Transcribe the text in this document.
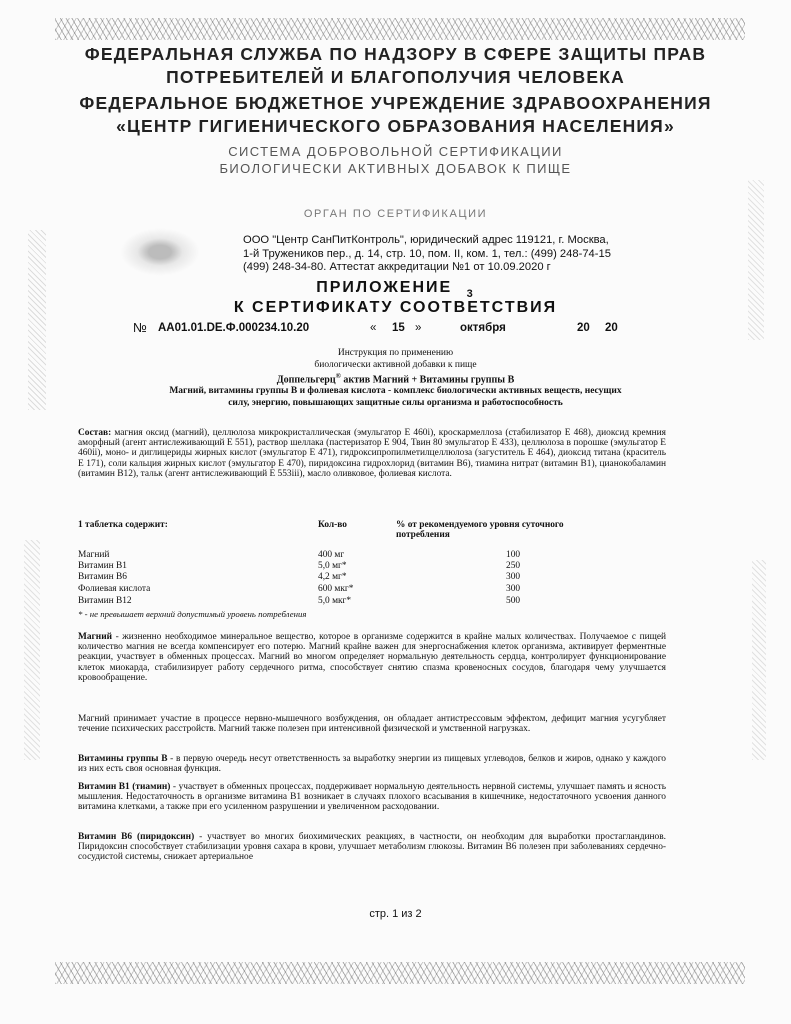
ФЕДЕРАЛЬНАЯ СЛУЖБА ПО НАДЗОРУ В СФЕРЕ ЗАЩИТЫ ПРАВ
ПОТРЕБИТЕЛЕЙ И БЛАГОПОЛУЧИЯ ЧЕЛОВЕКА
ФЕДЕРАЛЬНОЕ БЮДЖЕТНОЕ УЧРЕЖДЕНИЕ ЗДРАВООХРАНЕНИЯ
«ЦЕНТР ГИГИЕНИЧЕСКОГО ОБРАЗОВАНИЯ НАСЕЛЕНИЯ»
СИСТЕМА ДОБРОВОЛЬНОЙ СЕРТИФИКАЦИИ
БИОЛОГИЧЕСКИ АКТИВНЫХ ДОБАВОК К ПИЩЕ
ОРГАН ПО СЕРТИФИКАЦИИ
ООО "Центр СанПитКонтроль", юридический адрес 119121, г. Москва,
1-й Тружеников пер., д. 14, стр. 10, пом. II, ком. 1, тел.: (499) 248-74-15
(499) 248-34-80. Аттестат аккредитации №1 от 10.09.2020 г
ПРИЛОЖЕНИЕ $_3$
К СЕРТИФИКАТУ СООТВЕТСТВИЯ
№ АА01.01.DE.Ф.000234.10.20	« 15 »	октября	20 20
Инструкция по применению
биологически активной добавки к пище
Доппельгерц® актив Магний + Витамины группы В
Магний, витамины группы В и фолиевая кислота - комплекс биологически активных веществ, несущих
силу, энергию, повышающих защитные силы организма и работоспособность
Состав: магния оксид (магний), целлюлоза микрокристаллическая (эмульгатор Е 460i), кроскармеллоза (стабилизатор Е 468), диоксид кремния аморфный (агент антислеживающий Е 551), раствор шеллака (пастеризатор Е 904, Твин 80 эмульгатор Е 433), целлюлоза в порошке (эмульгатор Е 460ii), моно- и диглицериды жирных кислот (эмульгатор Е 471), гидроксипропилметилцеллюлоза (загуститель Е 464), диоксид титана (краситель Е 171), соли кальция жирных кислот (эмульгатор Е 470), пиридоксина гидрохлорид (витамин В6), тиамина нитрат (витамин В1), цианокобаламин (витамин В12), тальк (агент антислеживающий Е 553iii), масло оливковое, фолиевая кислота.
1 таблетка содержит:	Кол-во	% от рекомендуемого уровня суточного
потребления
Магний	400 мг	100
Витамин В1	5,0 мг*	250
Витамин В6	4,2 мг*	300
Фолиевая кислота	600 мкг*	300
Витамин В12	5,0 мкг*	500
* - не превышает верхний допустимый уровень потребления
Магний - жизненно необходимое минеральное вещество, которое в организме содержится в крайне малых количествах. Получаемое с пищей количество магния не всегда компенсирует его потерю. Магний крайне важен для энергоснабжения клеток организма, активирует ферментные реакции, участвует в обменных процессах. Магний во многом определяет нормальную деятельность сердца, контролирует функционирование клеток миокарда, стабилизирует работу сердечного ритма, способствует снятию спазма кровеносных сосудов, благодаря чему улучшается кровообращение.
Магний принимает участие в процессе нервно-мышечного возбуждения, он обладает антистрессовым эффектом, дефицит магния усугубляет течение психических расстройств. Магний также полезен при интенсивной физической и умственной нагрузках.
Витамины группы В - в первую очередь несут ответственность за выработку энергии из пищевых углеводов, белков и жиров, однако у каждого из них есть своя основная функция.
Витамин В1 (тиамин) - участвует в обменных процессах, поддерживает нормальную деятельность нервной системы, улучшает память и ясность мышления. Недостаточность в организме витамина В1 возникает в случаях плохого всасывания в кишечнике, недостаточного усвоения данного витамина клетками, а также при его усиленном разрушении и увеличенном расходовании.
Витамин В6 (пиридоксин) - участвует во многих биохимических реакциях, в частности, он необходим для выработки простагландинов. Пиридоксин способствует стабилизации уровня сахара в крови, улучшает метаболизм глюкозы. Витамин В6 полезен при заболеваниях сердечно-сосудистой системы, снижает артериальное
стр. 1 из 2
